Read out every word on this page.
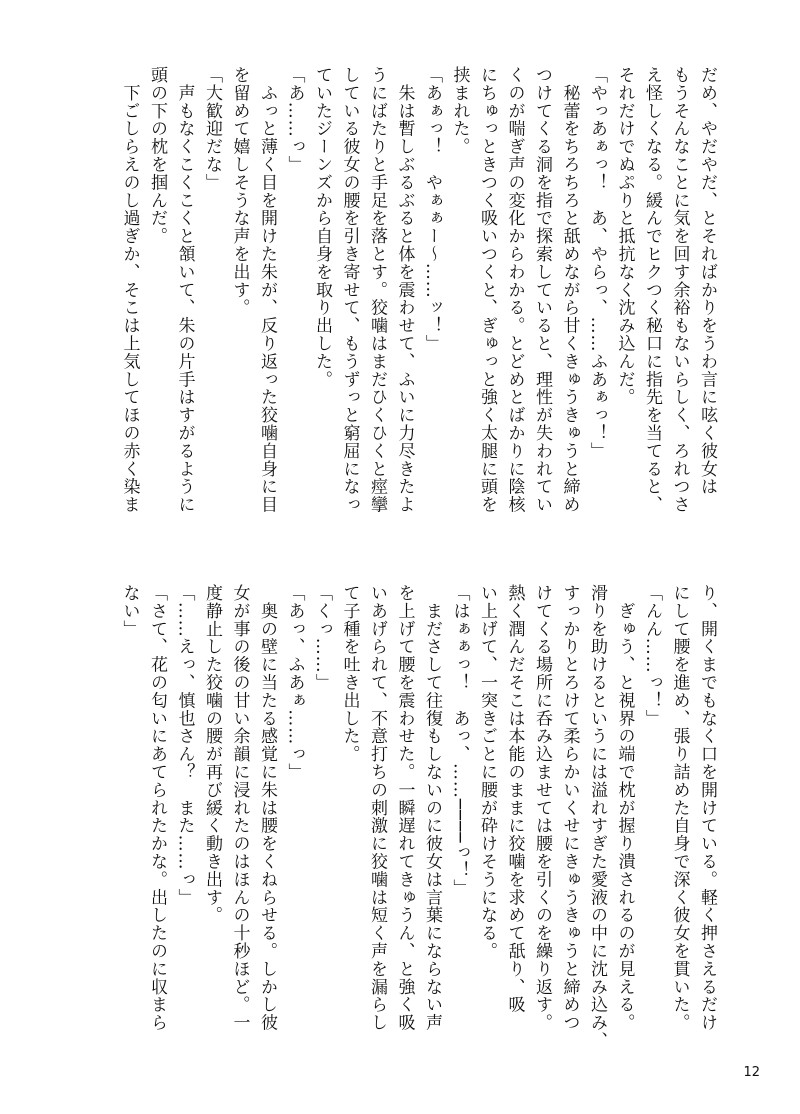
だめ、やだやだ、とそればかりをうわ言に呟く彼女は
もうそんなことに気を回す余裕もないらしく、ろれつさ
え怪しくなる。緩んでヒクつく秘口に指先を当てると、
それだけでぬぷりと抵抗なく沈み込んだ。
「やっあぁっ！　あ、やらっ、……ふあぁっ！」
　秘蕾をちろちろと舐めながら甘くきゅうきゅうと締め
つけてくる洞を指で探索していると、理性が失われてい
くのが喘ぎ声の変化からわかる。とどめとばかりに陰核
にちゅっときつく吸いつくと、ぎゅっと強く太腿に頭を
挟まれた。
「あぁっ！　やぁぁー〜……ッ！」
　朱は暫しぶるぶると体を震わせて、ふいに力尽きたよ
うにばたりと手足を落とす。狡噛はまだひくひくと痙攣
している彼女の腰を引き寄せて、もうずっと窮屈になっ
ていたジーンズから自身を取り出した。
「あ……っ」
　ふっと薄く目を開けた朱が、反り返った狡噛自身に目
を留めて嬉しそうな声を出す。
「大歓迎だな」
　声もなくこくこくと頷いて、朱の片手はすがるように
頭の下の枕を掴んだ。
　下ごしらえのし過ぎか、そこは上気してほの赤く染ま
り、開くまでもなく口を開けている。軽く押さえるだけ
にして腰を進め、張り詰めた自身で深く彼女を貫いた。
「んん……っ！」
　ぎゅう、と視界の端で枕が握り潰されるのが見える。
滑りを助けるというには溢れすぎた愛液の中に沈み込み、
すっかりとろけて柔らかいくせにきゅうきゅうと締めつ
けてくる場所に呑み込ませては腰を引くのを繰り返す。
熱く潤んだそこは本能のままに狡噛を求めて舐り、吸
い上げて、一突きごとに腰が砕けそうになる。
「はぁぁっ！　あっ、……────っ！」
　まださして往復もしないのに彼女は言葉にならない声
を上げて腰を震わせた。一瞬遅れてきゅうん、と強く吸
いあげられて、不意打ちの刺激に狡噛は短く声を漏らし
て子種を吐き出した。
「くっ……」
「あっ、ふあぁ……っ」
　奥の壁に当たる感覚に朱は腰をくねらせる。しかし彼
女が事の後の甘い余韻に浸れたのはほんの十秒ほど。一
度静止した狡噛の腰が再び緩く動き出す。
「……えっ、慎也さん？　また……っ」
「さて、花の匂いにあてられたかな。出したのに収まら
ない」
12
